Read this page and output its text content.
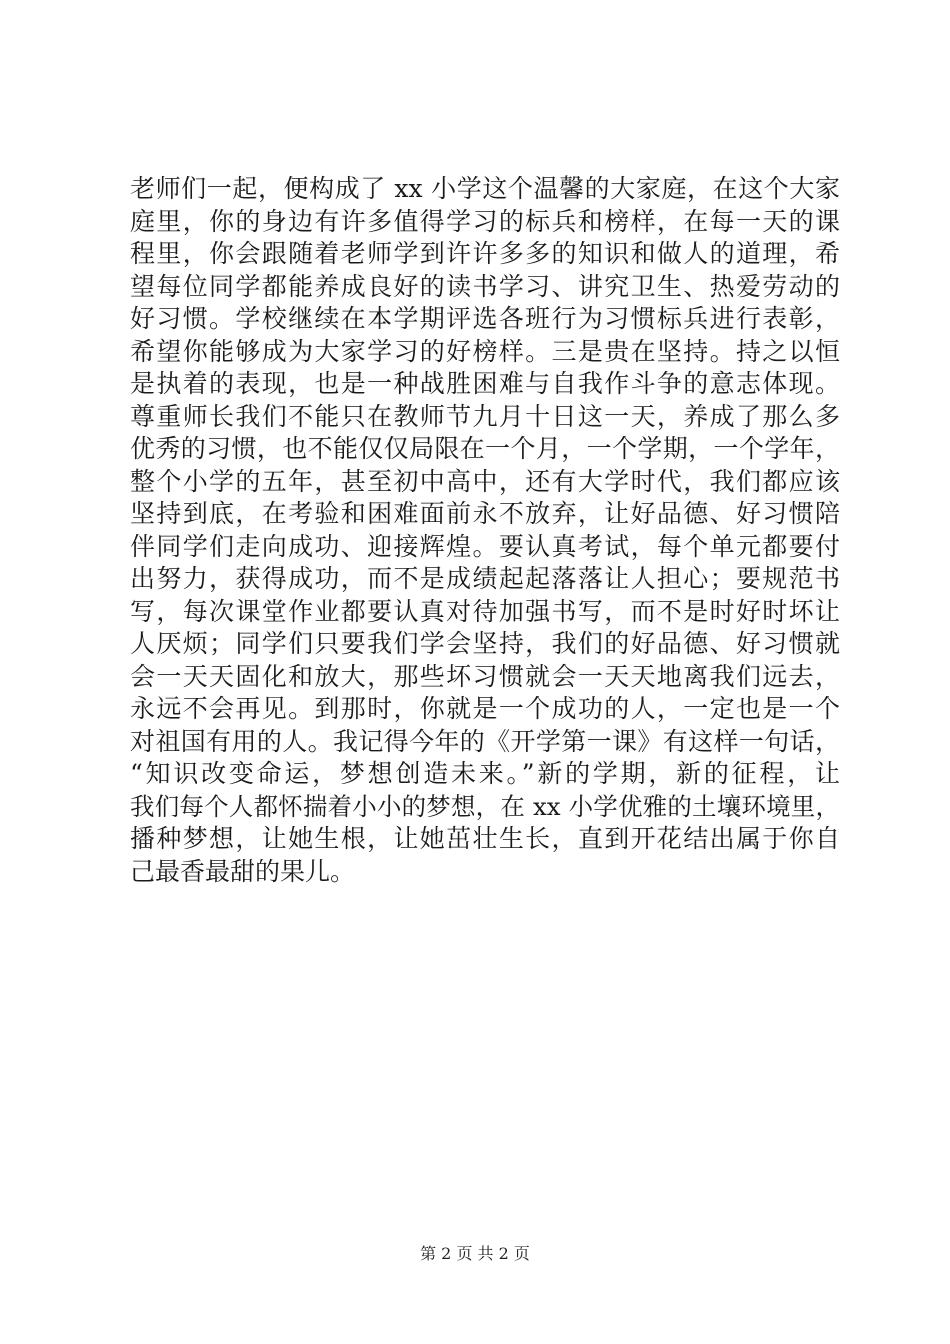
老师们一起，便构成了 xx 小学这个温馨的大家庭，在这个大家
庭里，你的身边有许多值得学习的标兵和榜样，在每一天的课
程里，你会跟随着老师学到许许多多的知识和做人的道理，希
望每位同学都能养成良好的读书学习、讲究卫生、热爱劳动的
好习惯。学校继续在本学期评选各班行为习惯标兵进行表彰，
希望你能够成为大家学习的好榜样。三是贵在坚持。持之以恒
是执着的表现，也是一种战胜困难与自我作斗争的意志体现。
尊重师长我们不能只在教师节九月十日这一天，养成了那么多
优秀的习惯，也不能仅仅局限在一个月，一个学期，一个学年，
整个小学的五年，甚至初中高中，还有大学时代，我们都应该
坚持到底，在考验和困难面前永不放弃，让好品德、好习惯陪
伴同学们走向成功、迎接辉煌。要认真考试，每个单元都要付
出努力，获得成功，而不是成绩起起落落让人担心；要规范书
写，每次课堂作业都要认真对待加强书写，而不是时好时坏让
人厌烦；同学们只要我们学会坚持，我们的好品德、好习惯就
会一天天固化和放大，那些坏习惯就会一天天地离我们远去，
永远不会再见。到那时，你就是一个成功的人，一定也是一个
对祖国有用的人。我记得今年的《开学第一课》有这样一句话，
“知识改变命运，梦想创造未来。”新的学期，新的征程，让
我们每个人都怀揣着小小的梦想，在 xx 小学优雅的土壤环境里，
播种梦想，让她生根，让她茁壮生长，直到开花结出属于你自
己最香最甜的果儿。
第 2 页 共 2 页
